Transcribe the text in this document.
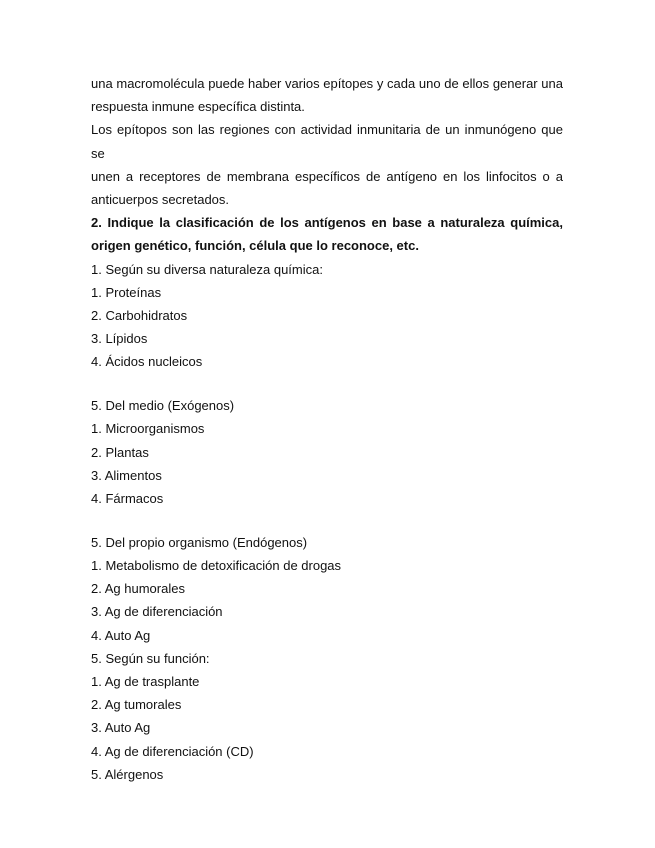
una macromolécula puede haber varios epítopes y cada uno de ellos generar una
respuesta inmune específica distinta.

Los epítopos son las regiones con actividad inmunitaria de un inmunógeno que se
unen a receptores de membrana específicos de antígeno en los linfocitos o a
anticuerpos secretados.

2. Indique la clasificación de los antígenos en base a naturaleza química,
origen genético, función, célula que lo reconoce, etc.

1. Según su diversa naturaleza química:
1. Proteínas
2. Carbohidratos
3. Lípidos
4. Ácidos nucleicos
5. Del medio (Exógenos)
1. Microorganismos
2. Plantas
3. Alimentos
4. Fármacos
5. Del propio organismo (Endógenos)
1. Metabolismo de detoxificación de drogas
2. Ag humorales
3. Ag de diferenciación
4. Auto Ag
5. Según su función:
1. Ag de trasplante
2. Ag tumorales
3. Auto Ag
4. Ag de diferenciación (CD)
5. Alérgenos
